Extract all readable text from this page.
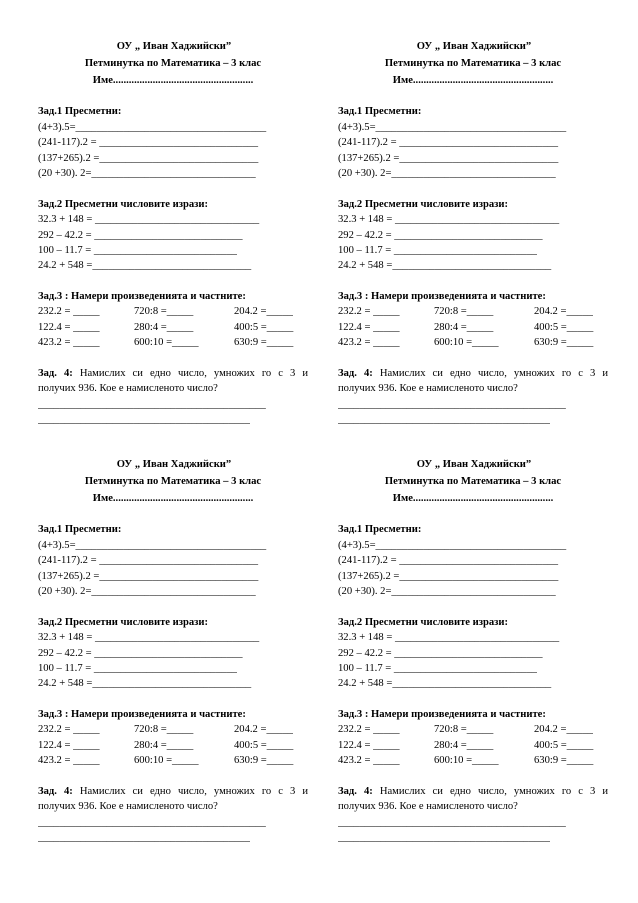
ОУ „ Иван Хаджийски”
Петминутка по Математика – 3 клас
Име.....................................................
Зад.1 Пресметни:
(4+3).5=____________________________________
(241-117).2 = ______________________________
(137+265).2 =______________________________
(20 +30). 2=_______________________________
Зад.2 Пресметни числовите изрази:
32.3 + 148 = _______________________________
292 – 42.2 = ____________________________
100 – 11.7 = ___________________________
24.2 + 548 =______________________________
Зад.3 : Намери произведенията и частните:
232.2 = _____	720:8 =_____	204.2 =_____
122.4 = _____	280:4 =_____	400:5 =_____
423.2 = _____	600:10 =_____	630:9 =_____
Зад. 4: Намислих си едно число, умножих го с 3 и
получих 936. Кое е намисленото число?
___________________________________________
________________________________________
ОУ „ Иван Хаджийски”
Петминутка по Математика – 3 клас
Име.....................................................
Зад.1 Пресметни:
(4+3).5=____________________________________
(241-117).2 = ______________________________
(137+265).2 =______________________________
(20 +30). 2=_______________________________
Зад.2 Пресметни числовите изрази:
32.3 + 148 = _______________________________
292 – 42.2 = ____________________________
100 – 11.7 = ___________________________
24.2 + 548 =______________________________
Зад.3 : Намери произведенията и частните:
232.2 = _____	720:8 =_____	204.2 =_____
122.4 = _____	280:4 =_____	400:5 =_____
423.2 = _____	600:10 =_____	630:9 =_____
Зад. 4: Намислих си едно число, умножих го с 3 и
получих 936. Кое е намисленото число?
___________________________________________
________________________________________
ОУ „ Иван Хаджийски”
Петминутка по Математика – 3 клас
Име.....................................................
Зад.1 Пресметни:
(4+3).5=____________________________________
(241-117).2 = ______________________________
(137+265).2 =______________________________
(20 +30). 2=_______________________________
Зад.2 Пресметни числовите изрази:
32.3 + 148 = _______________________________
292 – 42.2 = ____________________________
100 – 11.7 = ___________________________
24.2 + 548 =______________________________
Зад.3 : Намери произведенията и частните:
232.2 = _____	720:8 =_____	204.2 =_____
122.4 = _____	280:4 =_____	400:5 =_____
423.2 = _____	600:10 =_____	630:9 =_____
Зад. 4: Намислих си едно число, умножих го с 3 и
получих 936. Кое е намисленото число?
___________________________________________
________________________________________
ОУ „ Иван Хаджийски”
Петминутка по Математика – 3 клас
Име.....................................................
Зад.1 Пресметни:
(4+3).5=____________________________________
(241-117).2 = ______________________________
(137+265).2 =______________________________
(20 +30). 2=_______________________________
Зад.2 Пресметни числовите изрази:
32.3 + 148 = _______________________________
292 – 42.2 = ____________________________
100 – 11.7 = ___________________________
24.2 + 548 =______________________________
Зад.3 : Намери произведенията и частните:
232.2 = _____	720:8 =_____	204.2 =_____
122.4 = _____	280:4 =_____	400:5 =_____
423.2 = _____	600:10 =_____	630:9 =_____
Зад. 4: Намислих си едно число, умножих го с 3 и
получих 936. Кое е намисленото число?
___________________________________________
________________________________________
